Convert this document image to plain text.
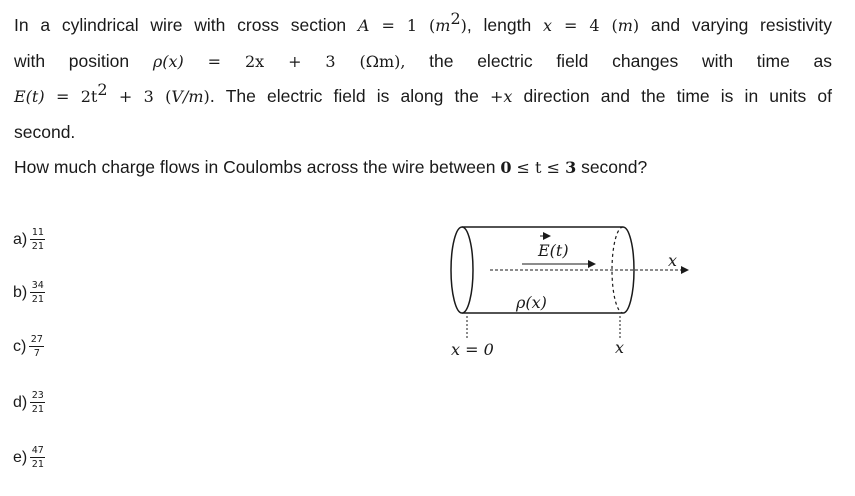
In a cylindrical wire with cross section A = 1 $(m^2)$, length x = 4 (m) and varying resistivity

with position ρ(x) = 2x + 3 (Ωm), the electric field changes with time as

$E(t) = 2t^2 + 3$ (V/m). The electric field is along the +x direction and the time is in units of

second.

How much charge flows in Coulombs across the wire between 0 ≤ t ≤ 3 second?

$a) \frac{11}{21}$
$b) \frac{34}{21}$
$c) \frac{27}{7}$
$d) \frac{23}{21}$
$e) \frac{47}{21}$
E(t)
ρ(x)
x
x = 0	x
